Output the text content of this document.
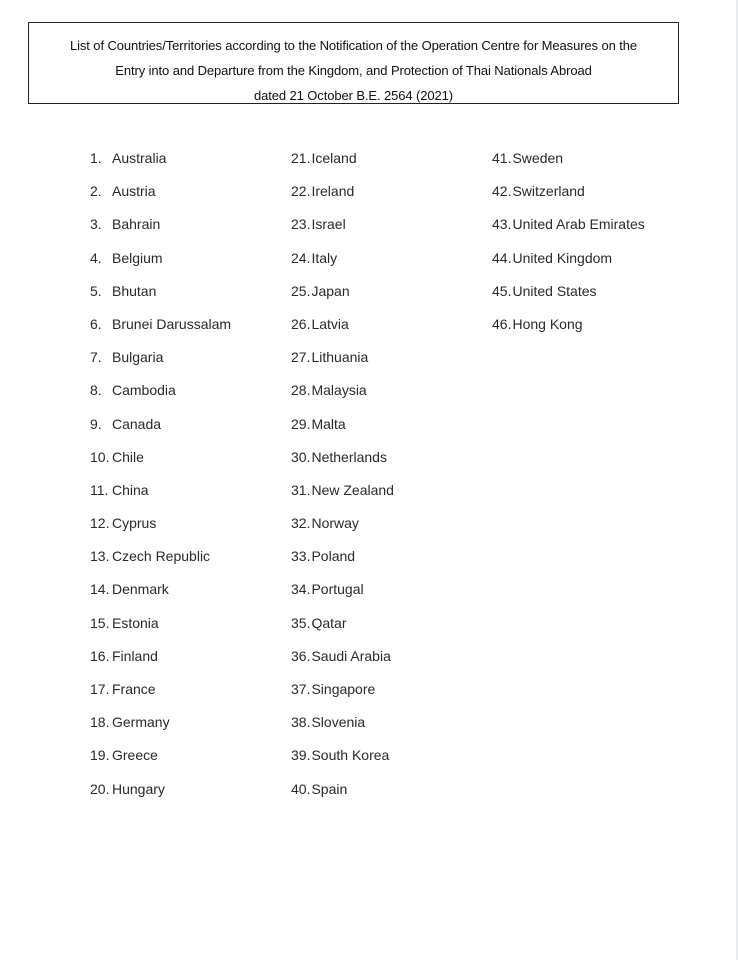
List of Countries/Territories according to the Notification of the Operation Centre for Measures on the
Entry into and Departure from the Kingdom, and Protection of Thai Nationals Abroad
dated 21 October B.E. 2564 (2021)
1. Australia
2. Austria
3. Bahrain
4. Belgium
5. Bhutan
6. Brunei Darussalam
7. Bulgaria
8. Cambodia
9. Canada
10. Chile
11. China
12. Cyprus
13. Czech Republic
14. Denmark
15. Estonia
16. Finland
17. France
18. Germany
19. Greece
20. Hungary
21.Iceland
22.Ireland
23.Israel
24.Italy
25.Japan
26.Latvia
27.Lithuania
28.Malaysia
29.Malta
30.Netherlands
31.New Zealand
32.Norway
33.Poland
34.Portugal
35.Qatar
36.Saudi Arabia
37.Singapore
38.Slovenia
39.South Korea
40.Spain
41.Sweden
42.Switzerland
43.United Arab Emirates
44.United Kingdom
45.United States
46.Hong Kong
